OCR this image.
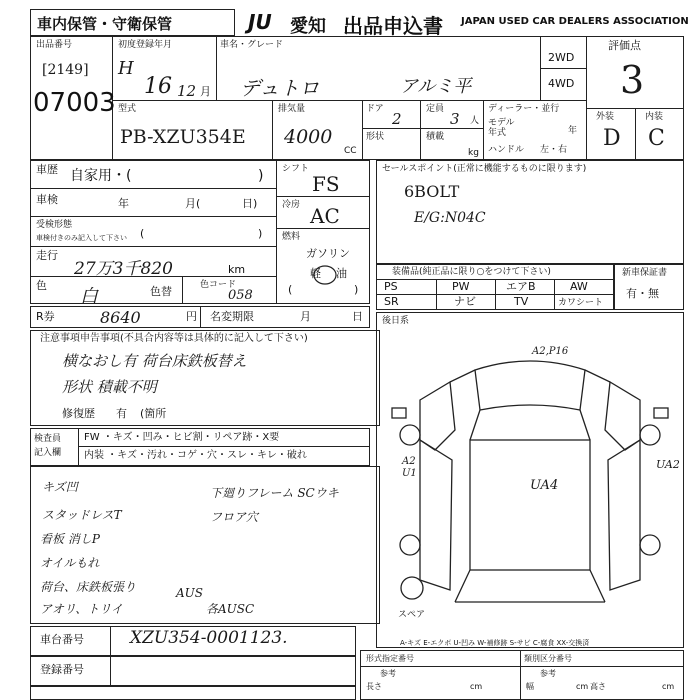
車内保管・守衛保管	JU 愛知 出品申込書 JAPAN USED CAR DEALERS ASSOCIATION
出品番号
[2149]
07003
初度登録年月
H
16 12 月
車名・グレード
デュトロ	アルミ平
2WD
4WD
評価点
3
外装	内装
D C
型式
PB-XZU354E
排気量
4000
CC
ドア
2
定員
3 人
形状	積載
kg
ディーラー・並行
モデル
年式	年
ハンドル 左・右
車歴 自家用・(	)
車検	年	月(	日)
受検形態
車検付きのみ記入して下さい (	)
走行
27万3千820	km
色
白	色替	色コード
058
シフト
FS
冷房 AC
燃料
ガソリン
軽 油
(	)
セールスポイント(正常に機能するものに限ります)
6BOLT
E/G:N04C
装備品(純正品に限り○をつけて下さい)
PS	PW	エアB	AW
SR	ナビ	TV	カワシート
新車保証書
有・無
R券	8640	円 名変期限	月	日
注意事項申告事項(不具合内容等は具体的に記入して下さい)
横なおし有 荷台床鉄板替え
形状 積載不明
修復歴 有 (箇所
検査員
記入欄
FW ・キズ・凹み・ヒビ割・リペア跡・X要
内装 ・キズ・汚れ・コゲ・穴・スレ・キレ・破れ
キズ凹
スタッドレスT
看板 消しP
オイルもれ
荷台、床鉄板張り
アオリ、トリイ
AUS
下廻りフレーム SCウキ
フロア穴
各AUSC
後日系
A2,P16
A2
U1
UA4
UA2
スペア
A-キズ E-エクボ U-凹み W-補修跡 S-サビ C-腐食 XX-交換済
車台番号	XZU354-0001123.
登録番号
形式指定番号	類別区分番号
参考	参考
長さ	cm	幅	cm 高さ	cm
